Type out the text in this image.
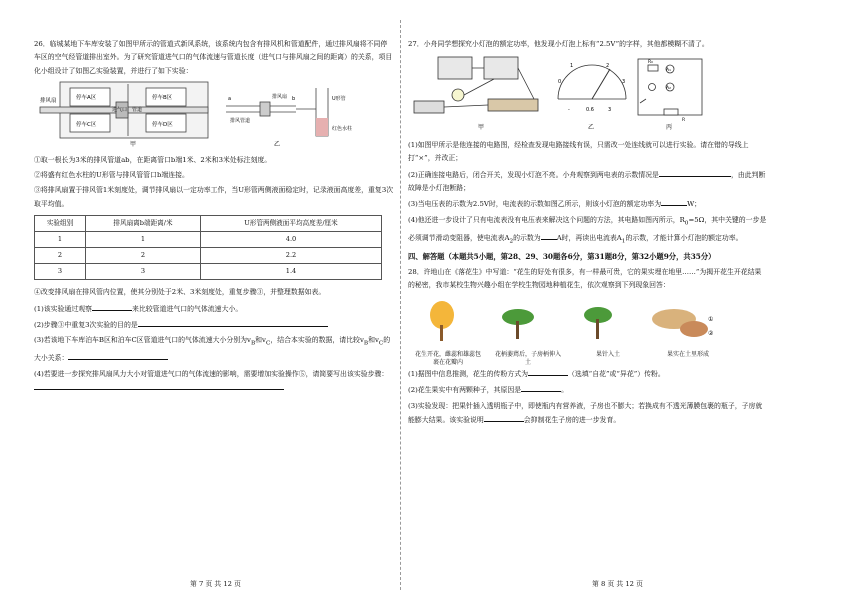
26．临城某地下车库安装了如图甲所示的管道式新风系统，该系统内包含有排风机和管道配件，通过排风扇将不同停车区的空气经管道排出室外。为了研究管道进气口的气体流速与管道长度（进气口与排风扇之间的距离）的关系，项目化小组设计了如图乙实验装置，并进行了如下实验：

排风扇	停车A区	停车B区
停车C区	停车D区
进气口 管道
甲
a	b
排风管道
排风扇	U形管
红色水柱
乙

①取一根长为3米的排风管道ab，在距离管口b端1米、2米和3米处标注刻度。

②将盛有红色水柱的U形管与排风管管口b端连接。

③将排风扇置于排风管1米刻度处，调节排风扇以一定功率工作，当U形管两侧液面稳定时，记录液面高度差，重复3次取平均值。

实验组别	排风扇离b端距离/米	U形管两侧液面平均高度差/厘米
1	1	4.0
2	2	2.2
3	3	1.4

④改变排风扇在排风管内位置，使其分别处于2米、3米刻度处，重复步骤③，并整理数据如表。

(1)该实验通过观察	来比较管道进气口的气体流速大小。

(2)步骤③中重复3次实验的目的是

(3)若该地下车库泊车B区和泊车C区管道进气口的气体流速大小分别为$v_B$和$v_C$，结合本实验的数据，请比较$v_B$和$v_C$的大小关系：

(4)若要进一步探究排风扇风力大小对管道进气口的气体流速的影响，需要增加实验操作⑤，请简要写出该实验步骤：

第 7 页 共 12 页

27．小舟同学想探究小灯泡的额定功率，他发现小灯泡上标有“2.5V”的字样，其他都模糊不清了。

甲
0
1	2
3
-	0.6	3
乙
A₁
A₂
R₀
R
丙

(1)如图甲所示是他连接的电路图，经检查发现电路接线有误，只需改一处连线就可以进行实验。请在错的导线上打“×”，并改正；

(2)正确连接电路后，闭合开关，发现小灯泡不亮。小舟观察到两电表的示数情况是	，由此判断故障是小灯泡断路；

(3)当电压表的示数为2.5V时，电流表的示数如图乙所示，则该小灯泡的额定功率为	W；

(4)他还进一步设计了只有电流表没有电压表来解决这个问题的方法，其电路如图丙所示，$R_0=5\Omega$，其中关键的一步是必须调节滑动变阻器，使电流表$A_2$的示数为 A时，再读出电流表$A_1$的示数，才能计算小灯泡的额定功率。

四、解答题（本题共5小题，第28、29、30题各6分，第31题8分，第32小题9分，共35分）

28．许地山在《落花生》中写道：“花生的好处有很多，有一样最可贵，它的果实埋在地里……”为揭开花生开花结果的秘密，我市某校生物兴趣小组在学校生物园地种植花生，依次观察到下列现象回答：

①
②
花生开花，雌蕊和雄蕊包裹在花瓣内
花柄萎蔫后，子房柄伸入土
果针入土	果实在土里形成

(1)据图中信息推测，花生的传粉方式为	（选填“自花”或“异花”）传粉。

(2)花生果实中有两颗种子，其原因是	。

(3)实验发现：把果针插入透明瓶子中，即使瓶内有营养液，子房也不膨大；若换成有不透光薄膜包裹的瓶子，子房就能膨大结果。该实验说明	会抑制花生子房的进一步发育。

第 8 页 共 12 页
